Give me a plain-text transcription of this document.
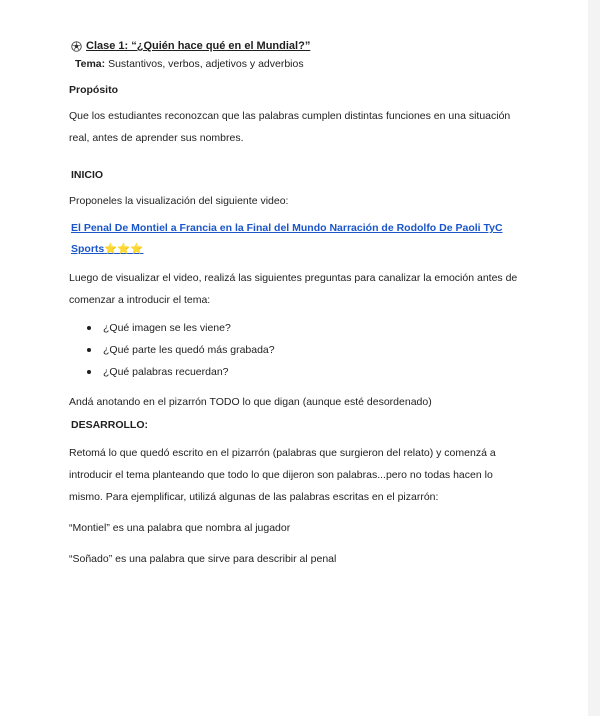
Clase 1: “¿Quién hace qué en el Mundial?”
Tema: Sustantivos, verbos, adjetivos y adverbios
Propósito
Que los estudiantes reconozcan que las palabras cumplen distintas funciones en una situación
real, antes de aprender sus nombres.
INICIO
Proponeles la visualización del siguiente video:
El Penal De Montiel a Francia en la Final del Mundo Narración de Rodolfo De Paoli TyC
Sports⭐⭐⭐
Luego de visualizar el video, realizá las siguientes preguntas para canalizar la emoción antes de
comenzar a introducir el tema:
¿Qué imagen se les viene?
¿Qué parte les quedó más grabada?
¿Qué palabras recuerdan?
Andá anotando en el pizarrón TODO lo que digan (aunque esté desordenado)
DESARROLLO:
Retomá lo que quedó escrito en el pizarrón (palabras que surgieron del relato) y comenzá a
introducir el tema planteando que todo lo que dijeron son palabras...pero no todas hacen lo
mismo. Para ejemplificar, utilizá algunas de las palabras escritas en el pizarrón:
“Montiel” es una palabra que nombra al jugador
“Soñado” es una palabra que sirve para describir al penal
